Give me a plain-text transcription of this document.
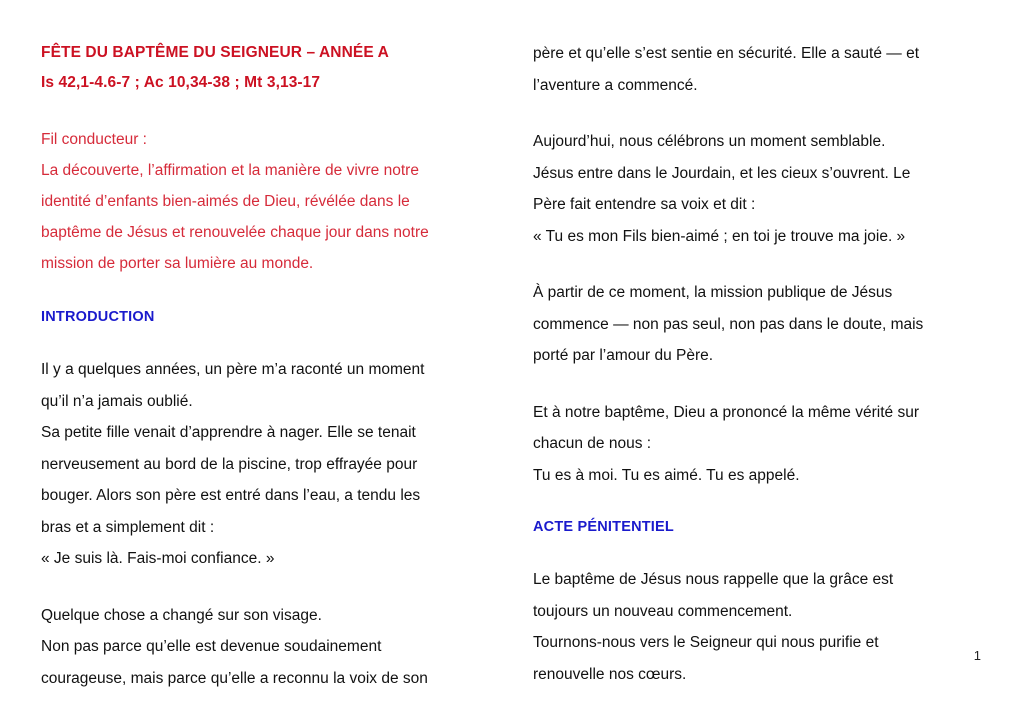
FÊTE DU BAPTÊME DU SEIGNEUR – ANNÉE A
Is 42,1-4.6-7 ; Ac 10,34-38 ; Mt 3,13-17
Fil conducteur :
La découverte, l’affirmation et la manière de vivre notre
identité d’enfants bien-aimés de Dieu, révélée dans le
baptême de Jésus et renouvelée chaque jour dans notre
mission de porter sa lumière au monde.
INTRODUCTION
Il y a quelques années, un père m’a raconté un moment
qu’il n’a jamais oublié.
Sa petite fille venait d’apprendre à nager. Elle se tenait
nerveusement au bord de la piscine, trop effrayée pour
bouger. Alors son père est entré dans l’eau, a tendu les
bras et a simplement dit :
« Je suis là. Fais-moi confiance. »
Quelque chose a changé sur son visage.
Non pas parce qu’elle est devenue soudainement
courageuse, mais parce qu’elle a reconnu la voix de son
père et qu’elle s’est sentie en sécurité. Elle a sauté — et
l’aventure a commencé.
Aujourd’hui, nous célébrons un moment semblable.
Jésus entre dans le Jourdain, et les cieux s’ouvrent. Le
Père fait entendre sa voix et dit :
« Tu es mon Fils bien-aimé ; en toi je trouve ma joie. »
À partir de ce moment, la mission publique de Jésus
commence — non pas seul, non pas dans le doute, mais
porté par l’amour du Père.
Et à notre baptême, Dieu a prononcé la même vérité sur
chacun de nous :
Tu es à moi. Tu es aimé. Tu es appelé.
ACTE PÉNITENTIEL
Le baptême de Jésus nous rappelle que la grâce est
toujours un nouveau commencement.
Tournons-nous vers le Seigneur qui nous purifie et
renouvelle nos cœurs.
1
